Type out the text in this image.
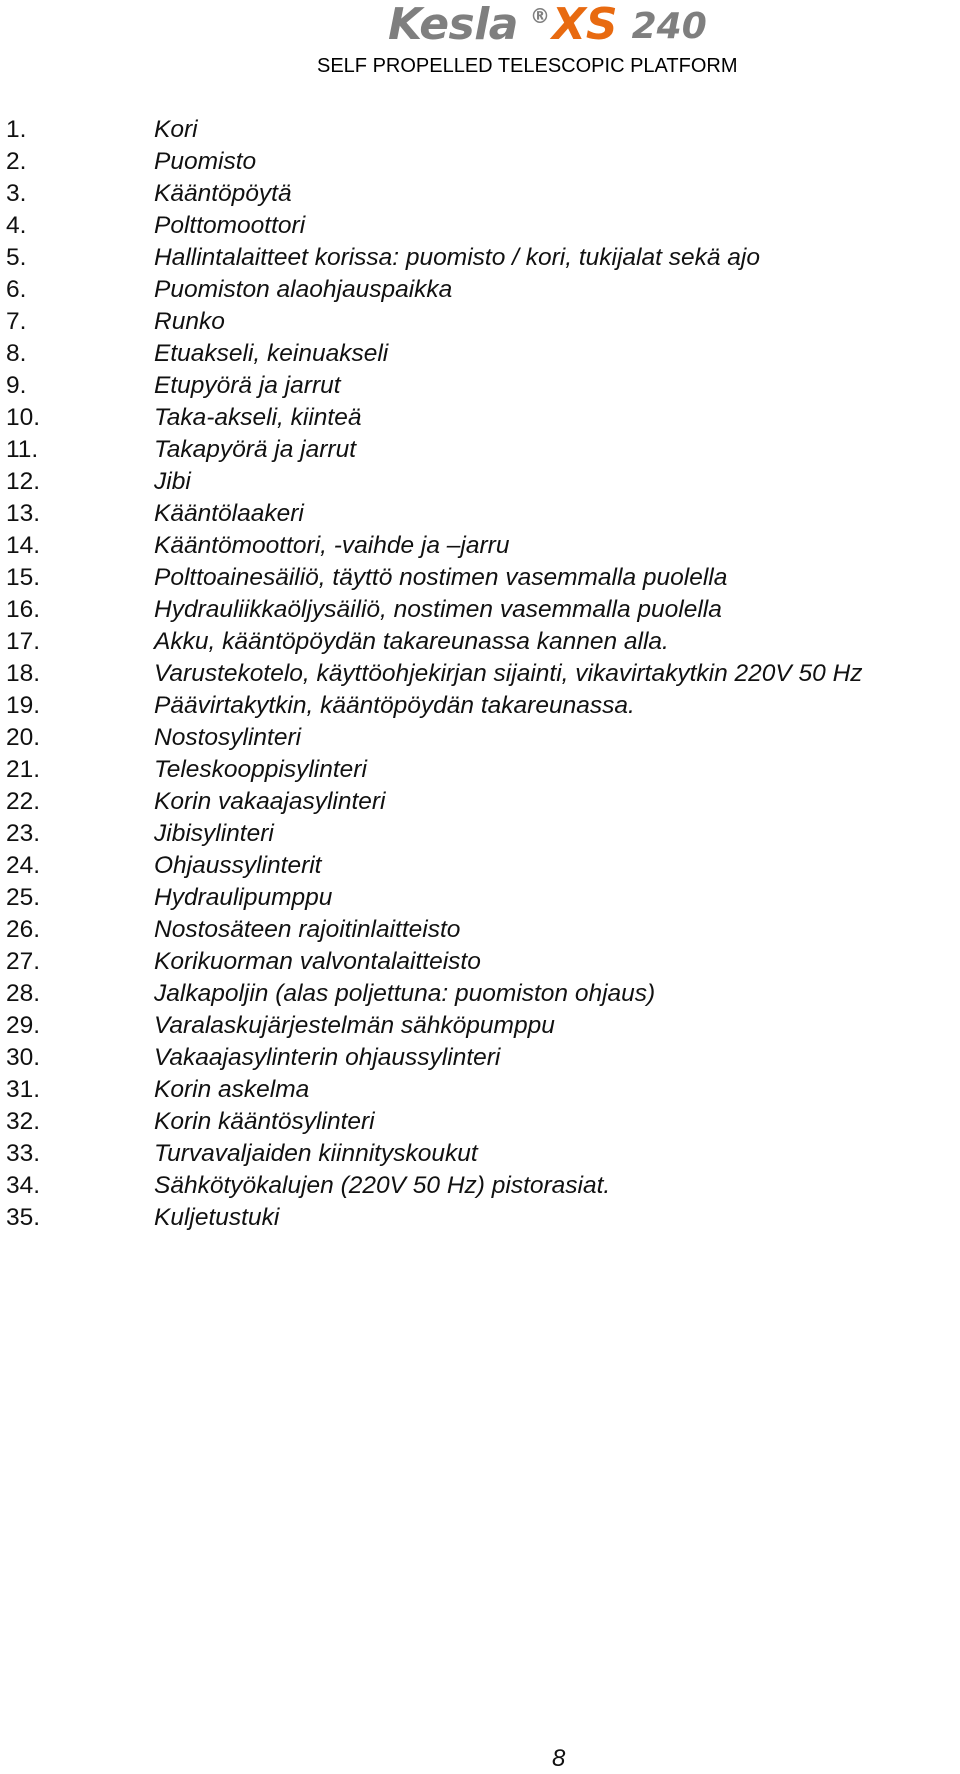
Kesla ® XS 240
SELF PROPELLED TELESCOPIC PLATFORM
1.	Kori
2.	Puomisto
3.	Kääntöpöytä
4.	Polttomoottori
5.	Hallintalaitteet korissa: puomisto / kori, tukijalat sekä ajo
6.	Puomiston alaohjauspaikka
7.	Runko
8.	Etuakseli, keinuakseli
9.	Etupyörä ja jarrut
10.	Taka-akseli, kiinteä
11.	Takapyörä ja jarrut
12.	Jibi
13.	Kääntölaakeri
14.	Kääntömoottori, -vaihde ja –jarru
15.	Polttoainesäiliö, täyttö nostimen vasemmalla puolella
16.	Hydrauliikkaöljysäiliö, nostimen vasemmalla puolella
17.	Akku, kääntöpöydän takareunassa kannen alla.
18.	Varustekotelo, käyttöohjekirjan sijainti, vikavirtakytkin 220V 50 Hz
19.	Päävirtakytkin, kääntöpöydän takareunassa.
20.	Nostosylinteri
21.	Teleskooppisylinteri
22.	Korin vakaajasylinteri
23.	Jibisylinteri
24.	Ohjaussylinterit
25.	Hydraulipumppu
26.	Nostosäteen rajoitinlaitteisto
27.	Korikuorman valvontalaitteisto
28.	Jalkapoljin (alas poljettuna: puomiston ohjaus)
29.	Varalaskujärjestelmän sähköpumppu
30.	Vakaajasylinterin ohjaussylinteri
31.	Korin askelma
32.	Korin kääntösylinteri
33.	Turvavaljaiden kiinnityskoukut
34.	Sähkötyökalujen (220V 50 Hz) pistorasiat.
35.	Kuljetustuki
8
